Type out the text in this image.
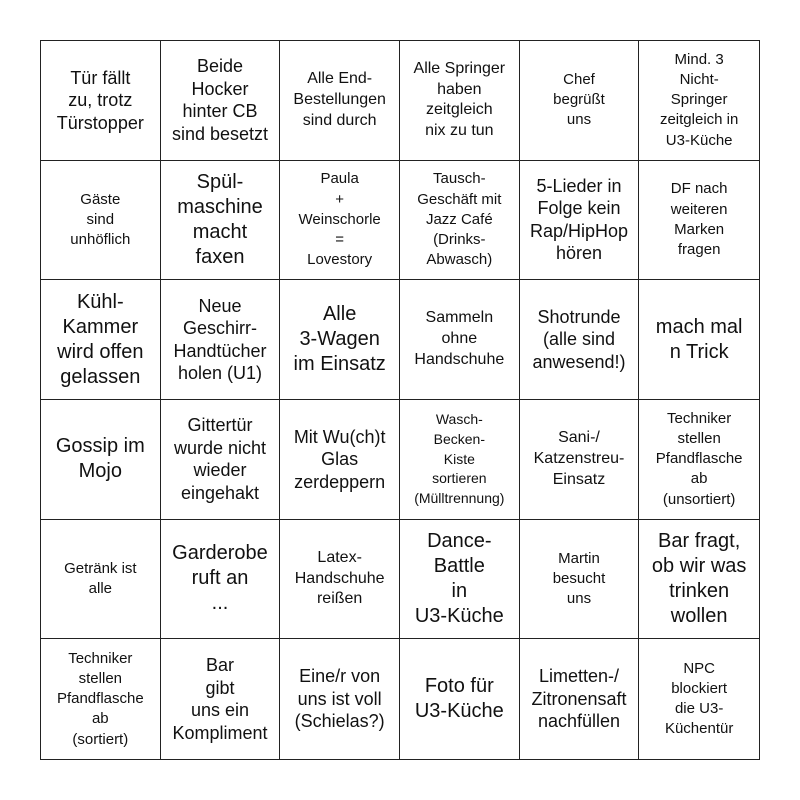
Tür fällt
zu, trotz
Türstopper
Beide
Hocker
hinter CB
sind besetzt
Alle End-
Bestellungen
sind durch
Alle Springer
haben
zeitgleich
nix zu tun
Chef
begrüßt
uns
Mind. 3
Nicht-
Springer
zeitgleich in
U3-Küche
Gäste
sind
unhöflich
Spül-
maschine
macht
faxen
Paula
+
Weinschorle
=
Lovestory
Tausch-
Geschäft mit
Jazz Café
(Drinks-
Abwasch)
5-Lieder in
Folge kein
Rap/HipHop
hören
DF nach
weiteren
Marken
fragen
Kühl-
Kammer
wird offen
gelassen
Neue
Geschirr-
Handtücher
holen (U1)
Alle
3-Wagen
im Einsatz
Sammeln
ohne
Handschuhe
Shotrunde
(alle sind
anwesend!)
mach mal
n Trick
Gossip im
Mojo
Gittertür
wurde nicht
wieder
eingehakt
Mit Wu(ch)t
Glas
zerdeppern
Wasch-
Becken-
Kiste
sortieren
(Mülltrennung)
Sani-/
Katzenstreu-
Einsatz
Techniker
stellen
Pfandflasche
ab
(unsortiert)
Getränk ist
alle
Garderobe
ruft an
...
Latex-
Handschuhe
reißen
Dance-
Battle
in
U3-Küche
Martin
besucht
uns
Bar fragt,
ob wir was
trinken
wollen
Techniker
stellen
Pfandflasche
ab
(sortiert)
Bar
gibt
uns ein
Kompliment
Eine/r von
uns ist voll
(Schielas?)
Foto für
U3-Küche
Limetten-/
Zitronensaft
nachfüllen
NPC
blockiert
die U3-
Küchentür
